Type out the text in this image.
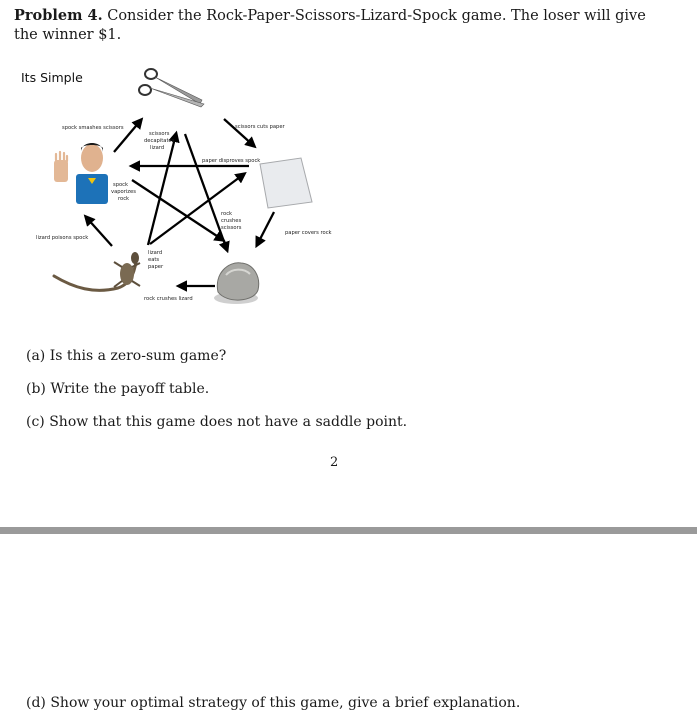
Problem 4. Consider the Rock-Paper-Scissors-Lizard-Spock game. The loser will give the winner $1.
spock smashes scissors	scissors cuts paper
paper covers rock
rock crushes lizard
lizard poisons spock
paper disproves spock
scissors
decapitates
lizard
spock
vaporizes
rock
rock
crushes
scissors
lizard
eats
paper
Its Simple
(a) Is this a zero-sum game?
(b) Write the payoff table.
(c) Show that this game does not have a saddle point.
2
(d) Show your optimal strategy of this game, give a brief explanation.
